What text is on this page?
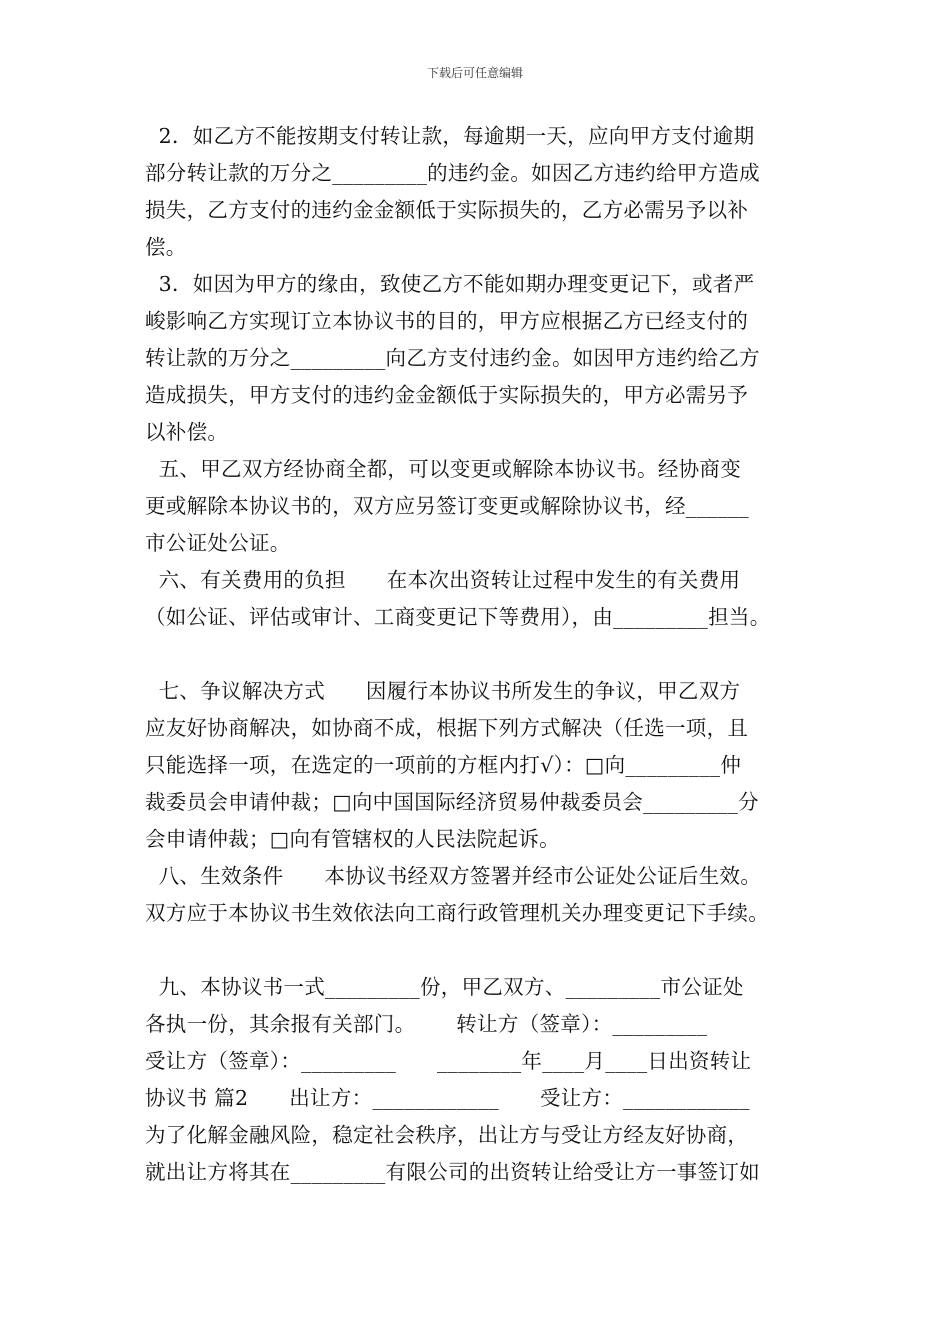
下载后可任意编辑
2．如乙方不能按期支付转让款，每逾期一天，应向甲方支付逾期
部分转让款的万分之_________的违约金。如因乙方违约给甲方造成
损失，乙方支付的违约金金额低于实际损失的，乙方必需另予以补
偿。
3．如因为甲方的缘由，致使乙方不能如期办理变更记下，或者严
峻影响乙方实现订立本协议书的目的，甲方应根据乙方已经支付的
转让款的万分之_________向乙方支付违约金。如因甲方违约给乙方
造成损失，甲方支付的违约金金额低于实际损失的，甲方必需另予
以补偿。
五、甲乙双方经协商全都，可以变更或解除本协议书。经协商变
更或解除本协议书的，双方应另签订变更或解除协议书，经______
市公证处公证。
六、有关费用的负担      在本次出资转让过程中发生的有关费用
（如公证、评估或审计、工商变更记下等费用），由_________担当。
七、争议解决方式      因履行本协议书所发生的争议，甲乙双方
应友好协商解决，如协商不成，根据下列方式解决（任选一项，且
只能选择一项，在选定的一项前的方框内打√）：□向_________仲
裁委员会申请仲裁；□向中国国际经济贸易仲裁委员会_________分
会申请仲裁；□向有管辖权的人民法院起诉。
八、生效条件      本协议书经双方签署并经市公证处公证后生效。
双方应于本协议书生效依法向工商行政管理机关办理变更记下手续。
九、本协议书一式_________份，甲乙双方、_________市公证处
各执一份，其余报有关部门。      转让方（签章）：_________
受让方（签章）：_________      ________年____月____日出资转让
协议书 篇2      出让方：____________      受让方：____________
为了化解金融风险，稳定社会秩序，出让方与受让方经友好协商，
就出让方将其在_________有限公司的出资转让给受让方一事签订如
